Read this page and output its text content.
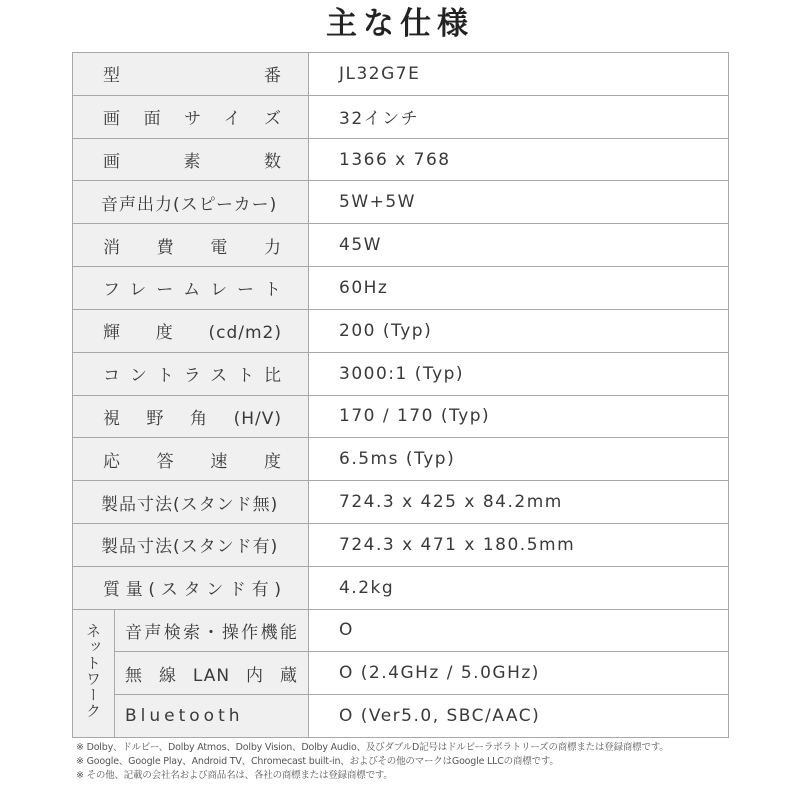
主な仕様
型番		JL32G7E
画面サイズ		32インチ
画素数		1366 x 768
音声出力(スピーカー)		5W+5W
消費電力		45W
フレームレート		60Hz
輝度(cd/m2)		200 (Typ)
コントラスト比		3000:1 (Typ)
視野角(H/V)		170 / 170 (Typ)
応答速度		6.5ms (Typ)
製品寸法(スタンド無)		724.3 x 425 x 84.2mm
製品寸法(スタンド有)		724.3 x 471 x 180.5mm
質量(スタンド有)		4.2kg
ネットワーク	音声検索・操作機能	O
	無線LAN内蔵	O (2.4GHz / 5.0GHz)
	Bluetooth	O (Ver5.0, SBC/AAC)
※ Dolby、ドルビー、Dolby Atmos、Dolby Vision、Dolby Audio、及びダブルD記号はドルビーラボラトリーズの商標または登録商標です。
※ Google、Google Play、Android TV、Chromecast built-in、およびその他のマークはGoogle LLCの商標です。
※ その他、記載の会社名および商品名は、各社の商標または登録商標です。
